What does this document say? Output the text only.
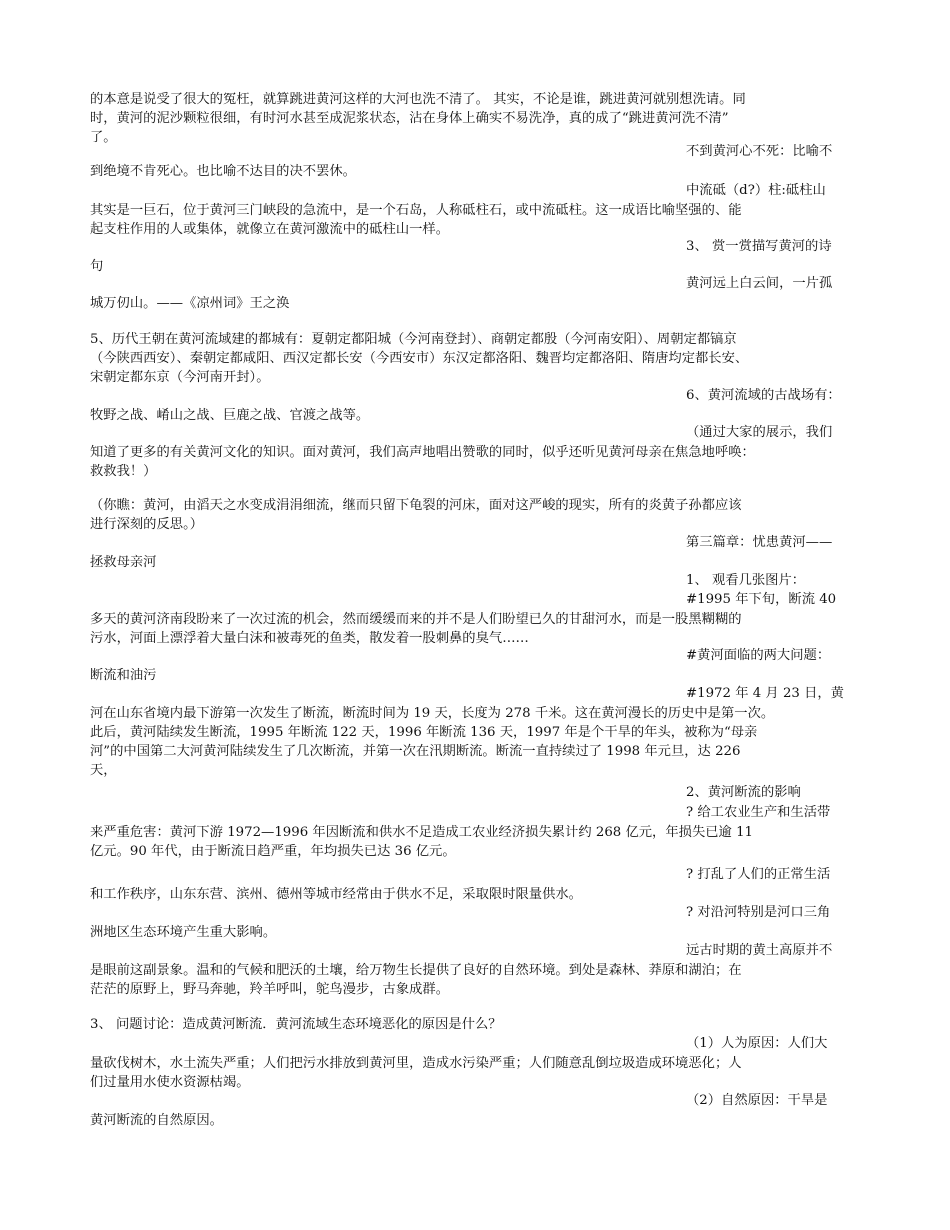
的本意是说受了很大的冤枉，就算跳进黄河这样的大河也洗不清了。 其实，不论是谁，跳进黄河就别想洗请。同
时，黄河的泥沙颗粒很细，有时河水甚至成泥浆状态，沾在身体上确实不易洗净，真的成了“跳进黄河洗不清”
了。

不到黄河心不死：比喻不

到绝境不肯死心。也比喻不达目的决不罢休。

中流砥（d?）柱:砥柱山

其实是一巨石，位于黄河三门峡段的急流中，是一个石岛，人称砥柱石，或中流砥柱。这一成语比喻坚强的、能
起支柱作用的人或集体，就像立在黄河激流中的砥柱山一样。

3、 赏一赏描写黄河的诗

句

黄河远上白云间，一片孤

城万仞山。——《凉州词》王之涣

5、历代王朝在黄河流域建的都城有：夏朝定都阳城（今河南登封）、商朝定都殷（今河南安阳）、周朝定都镐京
（今陕西西安）、秦朝定都咸阳、西汉定都长安（今西安市）东汉定都洛阳、魏晋均定都洛阳、隋唐均定都长安、
宋朝定都东京（今河南开封）。

6、黄河流域的古战场有：

牧野之战、崤山之战、巨鹿之战、官渡之战等。

（通过大家的展示，我们

知道了更多的有关黄河文化的知识。面对黄河，我们高声地唱出赞歌的同时，似乎还听见黄河母亲在焦急地呼唤：
救救我！）

（你瞧：黄河，由滔天之水变成涓涓细流，继而只留下龟裂的河床，面对这严峻的现实，所有的炎黄子孙都应该
进行深刻的反思。）

第三篇章：忧患黄河——

拯救母亲河

1、 观看几张图片：

#1995 年下旬，断流 40

多天的黄河济南段盼来了一次过流的机会，然而缓缓而来的并不是人们盼望已久的甘甜河水，而是一股黑糊糊的
污水，河面上漂浮着大量白沫和被毒死的鱼类，散发着一股刺鼻的臭气……

#黄河面临的两大问题：

断流和油污

#1972 年 4 月 23 日，黄

河在山东省境内最下游第一次发生了断流，断流时间为 19 天，长度为 278 千米。这在黄河漫长的历史中是第一次。
此后，黄河陆续发生断流，1995 年断流 122 天，1996 年断流 136 天，1997 年是个干旱的年头，被称为“母亲
河”的中国第二大河黄河陆续发生了几次断流，并第一次在汛期断流。断流一直持续过了 1998 年元旦，达 226
天，

2、黄河断流的影响

? 给工农业生产和生活带

来严重危害：黄河下游 1972—1996 年因断流和供水不足造成工农业经济损失累计约 268 亿元，年损失已逾 11
亿元。90 年代，由于断流日趋严重，年均损失已达 36 亿元。

? 打乱了人们的正常生活

和工作秩序，山东东营、滨州、德州等城市经常由于供水不足，采取限时限量供水。

? 对沿河特别是河口三角

洲地区生态环境产生重大影响。

远古时期的黄土高原并不

是眼前这副景象。温和的气候和肥沃的土壤，给万物生长提供了良好的自然环境。到处是森林、莽原和湖泊；在
茫茫的原野上，野马奔驰，羚羊呼叫，鸵鸟漫步，古象成群。

3、 问题讨论：造成黄河断流．黄河流域生态环境恶化的原因是什么？

（1）人为原因：人们大

量砍伐树木，水土流失严重；人们把污水排放到黄河里，造成水污染严重；人们随意乱倒垃圾造成环境恶化；人
们过量用水使水资源枯竭。

（2）自然原因：干旱是

黄河断流的自然原因。
